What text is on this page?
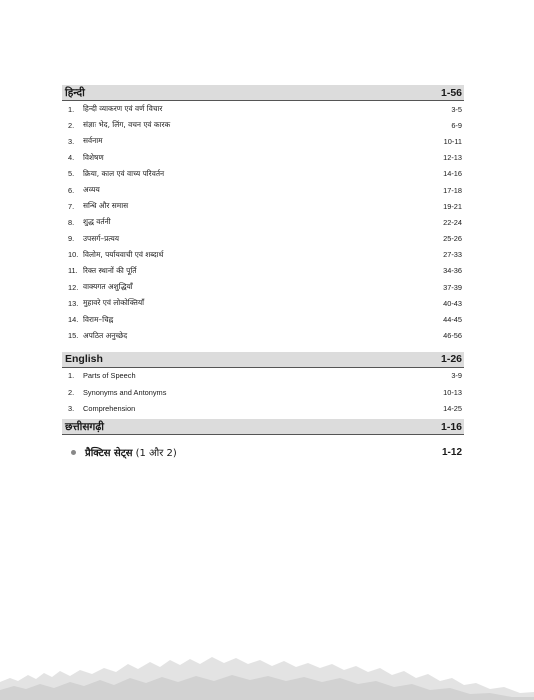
हिन्दी	1-56
1.	हिन्दी व्याकरण एवं वर्ण विचार	3-5
2.	संज्ञाः भेद, लिंग, वचन एवं कारक	6-9
3.	सर्वनाम	10-11
4.	विशेषण	12-13
5.	क्रिया, काल एवं वाच्य परिवर्तन	14-16
6.	अव्यय	17-18
7.	सन्धि और समास	19-21
8.	शुद्ध वर्तनी	22-24
9.	उपसर्ग–प्रत्यय	25-26
10. विलोम, पर्यायवाची एवं शब्दार्थ	27-33
11. रिक्त स्थानों की पूर्ति	34-36
12. वाक्यगत अशुद्धियाँ	37-39
13. मुहावरे एवं लोकोक्तियाँ	40-43
14. विराम–चिह्न	44-45
15. अपठित अनुच्छेद	46-56
English	1-26
1.	Parts of Speech	3-9
2.	Synonyms and Antonyms	10-13
3.	Comprehension	14-25
छत्तीसगढ़ी	1-16
प्रैक्टिस सेट्स (1 और 2)	1-12
